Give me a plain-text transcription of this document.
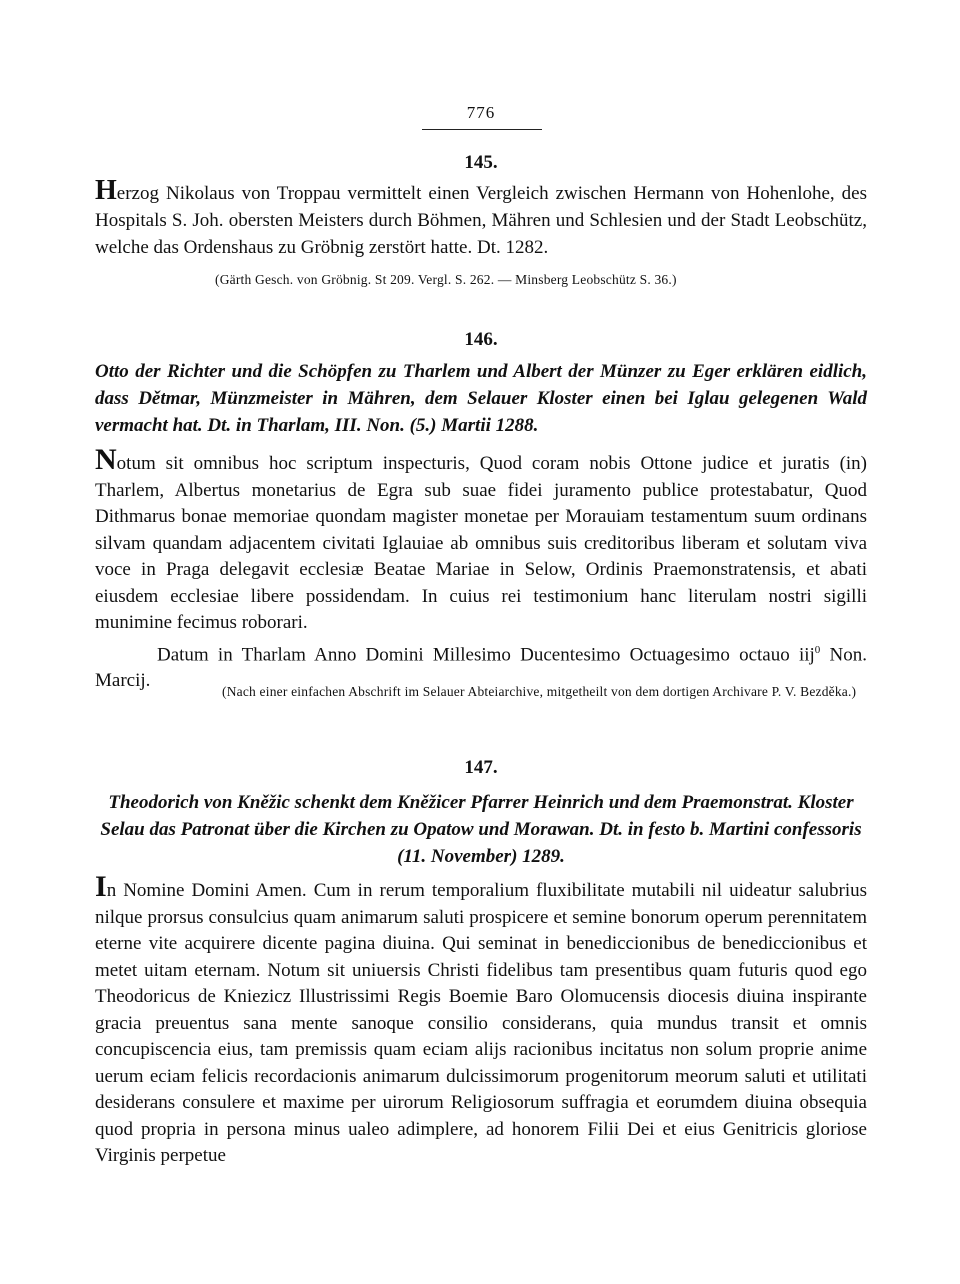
776
145.
Herzog Nikolaus von Troppau vermittelt einen Vergleich zwischen Hermann von Hohenlohe, des Hospitals S. Joh. obersten Meisters durch Böhmen, Mähren und Schlesien und der Stadt Leobschütz, welche das Ordenshaus zu Gröbnig zerstört hatte. Dt. 1282.
(Gärth Gesch. von Gröbnig. St 209. Vergl. S. 262. — Minsberg Leobschütz S. 36.)
146.
Otto der Richter und die Schöpfen zu Tharlem und Albert der Münzer zu Eger erklären eidlich, dass Dětmar, Münzmeister in Mähren, dem Selauer Kloster einen bei Iglau gelegenen Wald vermacht hat. Dt. in Tharlam, III. Non. (5.) Martii 1288.

Notum sit omnibus hoc scriptum inspecturis, Quod coram nobis Ottone judice et juratis (in) Tharlem, Albertus monetarius de Egra sub suae fidei juramento publice protestabatur, Quod Dithmarus bonae memoriae quondam magister monetae per Morauiam testamentum suum ordinans silvam quandam adjacentem civitati Iglauiae ab omnibus suis creditoribus liberam et solutam viva voce in Praga delegavit ecclesiæ Beatae Mariae in Selow, Ordinis Praemonstratensis, et abati eiusdem ecclesiae libere possidendam. In cuius rei testimonium hanc literulam nostri sigilli munimine fecimus roborari.

Datum in Tharlam Anno Domini Millesimo Ducentesimo Octuagesimo octauo iij$^0$ Non. Marcij.

(Nach einer einfachen Abschrift im Selauer Abteiarchive, mitgetheilt von dem dortigen Archivare P. V. Bezděka.)
147.
Theodorich von Kněžic schenkt dem Kněžicer Pfarrer Heinrich und dem Praemonstrat. Kloster Selau das Patronat über die Kirchen zu Opatow und Morawan. Dt. in festo b. Martini confessoris (11. November) 1289.

In Nomine Domini Amen. Cum in rerum temporalium fluxibilitate mutabili nil uideatur salubrius nilque prorsus consulcius quam animarum saluti prospicere et semine bonorum operum perennitatem eterne vite acquirere dicente pagina diuina. Qui seminat in benediccionibus de benediccionibus et metet uitam eternam. Notum sit uniuersis Christi fidelibus tam presentibus quam futuris quod ego Theodoricus de Kniezicz Illustrissimi Regis Boemie Baro Olomucensis diocesis diuina inspirante gracia preuentus sana mente sanoque consilio considerans, quia mundus transit et omnis concupiscencia eius, tam premissis quam eciam alijs racionibus incitatus non solum proprie anime uerum eciam felicis recordacionis animarum dulcissimorum progenitorum meorum saluti et utilitati desiderans consulere et maxime per uirorum Religiosorum suffragia et eorumdem diuina obsequia quod propria in persona minus ualeo adimplere, ad honorem Filii Dei et eius Genitricis gloriose Virginis perpetue
